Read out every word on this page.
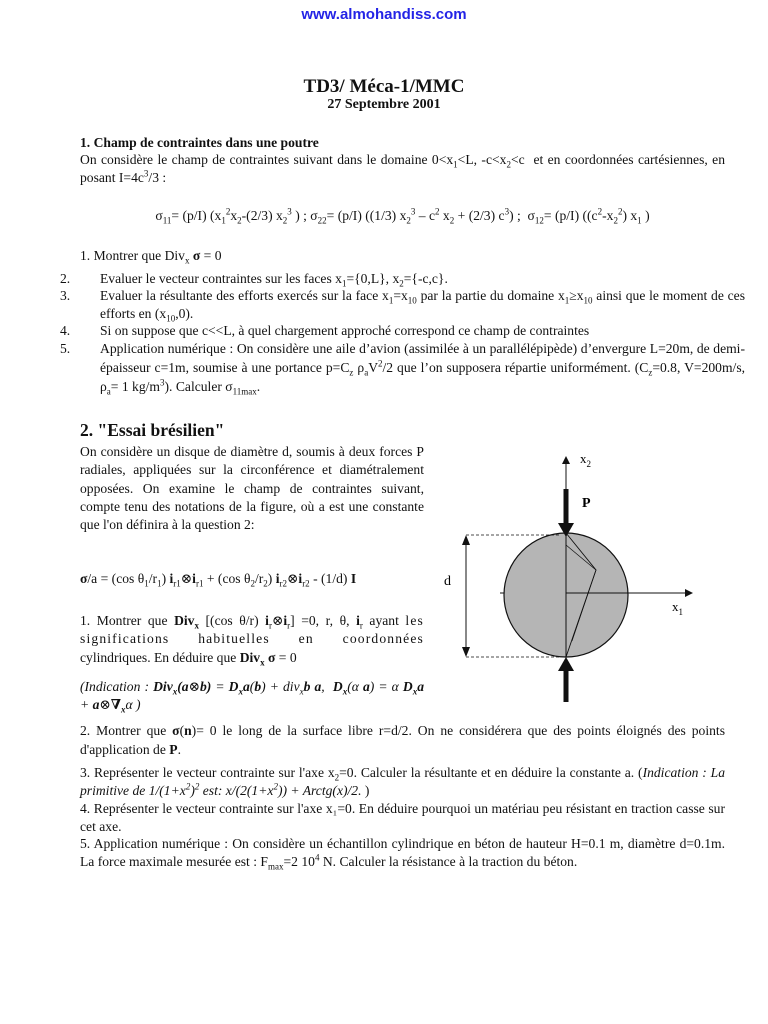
www.almohandiss.com
TD3/ Méca-1/MMC
27 Septembre 2001
1. Champ de contraintes dans une poutre
On considère le champ de contraintes suivant dans le domaine $0<x_1<L$, $-c<x_2<c$  et en coordonnées cartésiennes, en posant $I=4c^3/3$ :
$\sigma_{11}= (p/I)$ ($x_1^2x_2-(2/3)$ $x_2^3$ ) ; $\sigma_{22}= (p/I)$ ((1/3) $x_2^3 - c^2$ $x_2 + (2/3)$ $c^3$) ;  $\sigma_{12}= (p/I)$ ($(c^2-x_2^2)$ $x_1$ )
1. Montrer que Div$_x$ σ = 0
2. Evaluer le vecteur contraintes sur les faces $x_1=\{0,L\}$, $x_2=\{-c,c\}$.
3. Evaluer la résultante des efforts exercés sur la face $x_1=x_{10}$ par la partie du domaine $x_1\ge x_{10}$ ainsi que le moment de ces efforts en $(x_{10},0)$.
4. Si on suppose que c<<L, à quel chargement approché correspond ce champ de contraintes
5. Application numérique : On considère une aile d’avion (assimilée à un parallélépipède) d’envergure L=20m, de demi-épaisseur c=1m, soumise à une portance $p=C_z$ $\rho_aV^2/2$ que l’on supposera répartie uniformément. ($C_z=0.8$, V=200m/s, $\rho_a= 1$ $kg/m^3$). Calculer $\sigma_{11max}$.
2. "Essai brésilien"
On considère un disque de diamètre d, soumis à deux forces P radiales, appliquées sur la circonférence et diamétralement opposées. On examine le champ de contraintes suivant, compte tenu des notations de la figure, où a est une constante que l'on définira à la question 2:
σ/a = (cos $\theta_1/r_1$) $i_{r1}\otimes i_{r1} + (\cos$ $\theta_2/r_2$) $i_{r2}\otimes i_{r2} - (1/d)$ I
1. Montrer que Div$_x$ [(cos θ/r) $i_r\otimes i_r] =0$, r, θ, $i_r$ ayant les significations habituelles en coordonnées cylindriques. En déduire que Div$_x$ σ = 0
(Indication : Div$_x$(a⊗b) = $D_xa(b) + div_xb$ a,  $D_x(\alpha$ a) = α $D_xa$ + $a\otimes\nabla_x\alpha$ )
2. Montrer que σ(n)= 0 le long de la surface libre r=d/2. On ne considérera que des points éloignés des points d'application de P.
3. Représenter le vecteur contrainte sur l'axe $x_2=0$. Calculer la résultante et en déduire la constante a. (Indication : La primitive de $1/(1+x^2)^2$ est: $x/(2(1+x^2))$ + Arctg(x)/2. )
4. Représenter le vecteur contrainte sur l'axe x₁=0. En déduire pourquoi un matériau peu résistant en traction casse sur cet axe.
5. Application numérique : On considère un échantillon cylindrique en béton de hauteur H=0.1 m, diamètre d=0.1m. La force maximale mesurée est : $F_{max}=2$ $10^4$ N. Calculer la résistance à la traction du béton.
$x_2$
P
d
$x_1$
